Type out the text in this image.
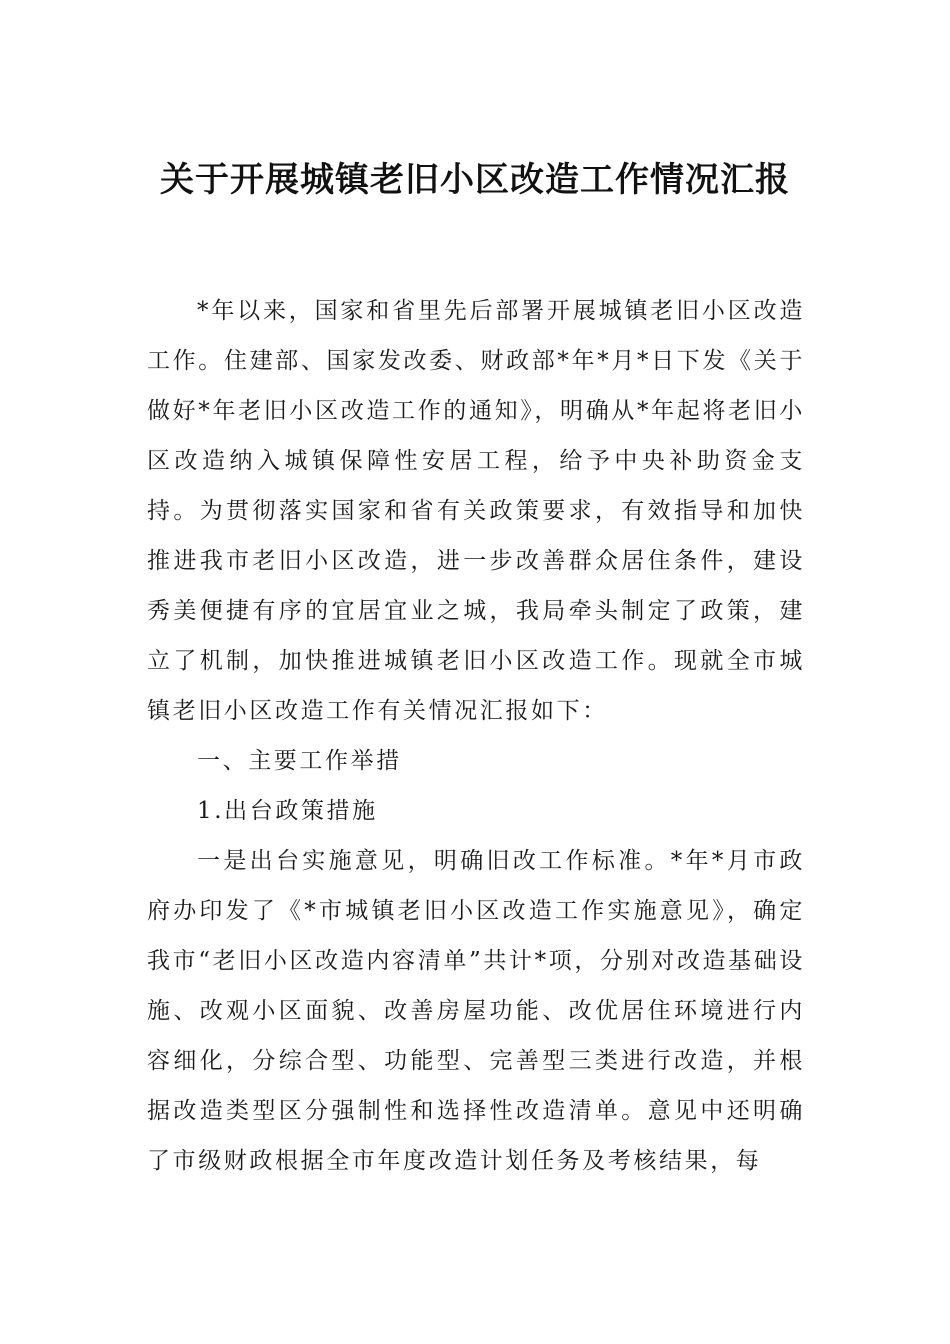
关于开展城镇老旧小区改造工作情况汇报

*年以来，国家和省里先后部署开展城镇老旧小区改造工作。住建部、国家发改委、财政部*年*月*日下发《关于做好*年老旧小区改造工作的通知》，明确从*年起将老旧小区改造纳入城镇保障性安居工程，给予中央补助资金支持。为贯彻落实国家和省有关政策要求，有效指导和加快推进我市老旧小区改造，进一步改善群众居住条件，建设秀美便捷有序的宜居宜业之城，我局牵头制定了政策，建立了机制，加快推进城镇老旧小区改造工作。现就全市城镇老旧小区改造工作有关情况汇报如下：

一、主要工作举措

1.出台政策措施

一是出台实施意见，明确旧改工作标准。*年*月市政府办印发了《*市城镇老旧小区改造工作实施意见》，确定我市“老旧小区改造内容清单”共计*项，分别对改造基础设施、改观小区面貌、改善房屋功能、改优居住环境进行内容细化，分综合型、功能型、完善型三类进行改造，并根据改造类型区分强制性和选择性改造清单。意见中还明确了市级财政根据全市年度改造计划任务及考核结果，每
